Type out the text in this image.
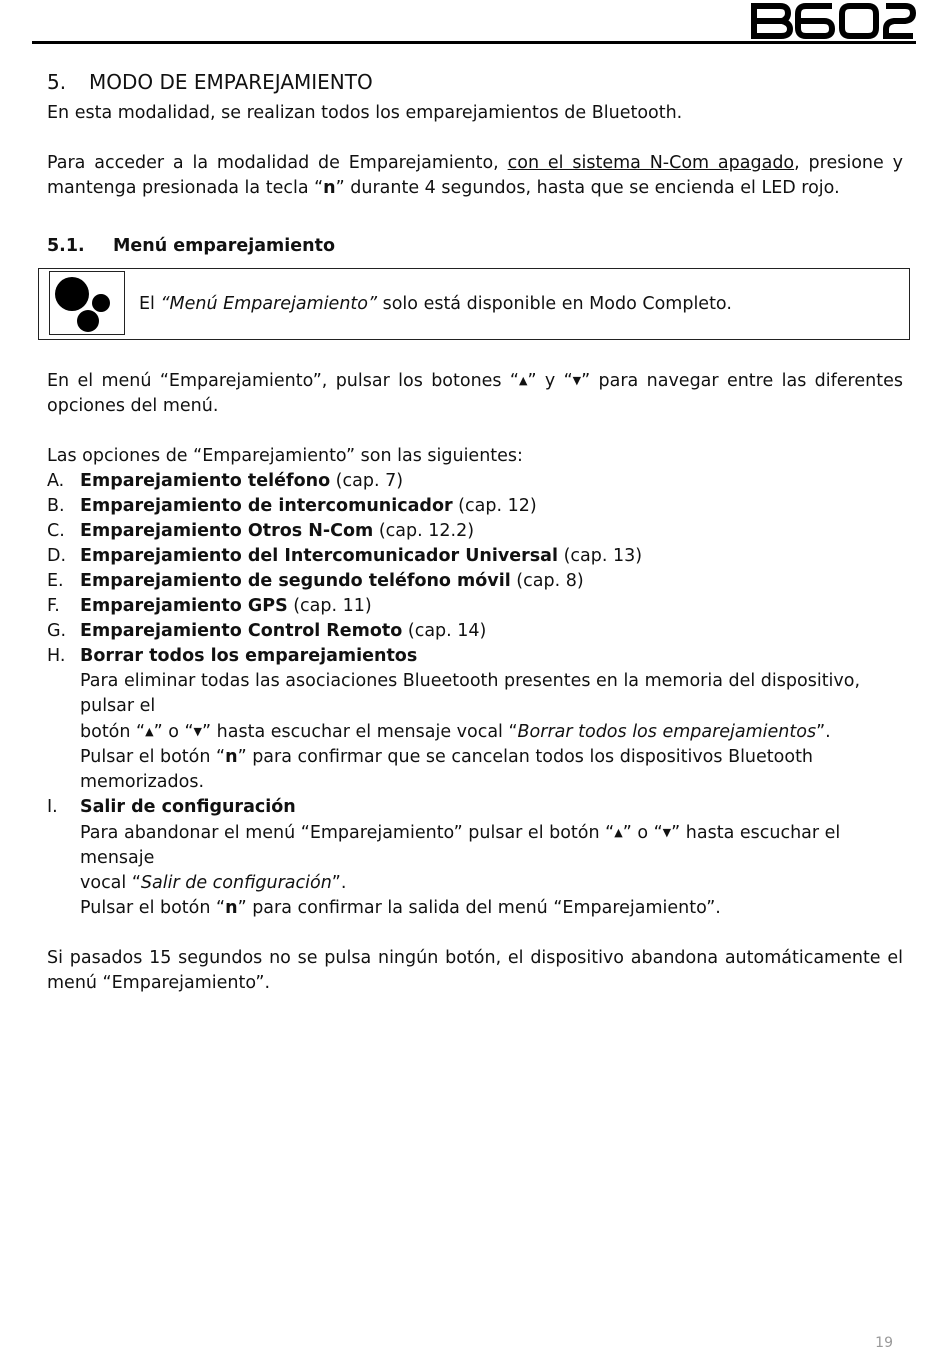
5.	MODO DE EMPAREJAMIENTO

En esta modalidad, se realizan todos los emparejamientos de Bluetooth.

Para acceder a la modalidad de Emparejamiento, con el sistema N-Com apagado, presione y mantenga presionada la tecla “n” durante 4 segundos, hasta que se encienda el LED rojo.

5.1.	Menú emparejamiento
El “Menú Emparejamiento” solo está disponible en Modo Completo.

En el menú “Emparejamiento”, pulsar los botones “▲” y “▼” para navegar entre las diferentes opciones del menú.

Las opciones de “Emparejamiento” son las siguientes:

A. Emparejamiento teléfono (cap. 7)
B. Emparejamiento de intercomunicador (cap. 12)
C. Emparejamiento Otros N-Com (cap. 12.2)
D. Emparejamiento del Intercomunicador Universal (cap. 13)
E. Emparejamiento de segundo teléfono móvil (cap. 8)
F.	Emparejamiento GPS (cap. 11)
G. Emparejamiento Control Remoto (cap. 14)
H. Borrar todos los emparejamientos
Para eliminar todas las asociaciones Blueetooth presentes en la memoria del dispositivo, pulsar el
botón “▲” o “▼” hasta escuchar el mensaje vocal “Borrar todos los emparejamientos”.
Pulsar el botón “n” para confirmar que se cancelan todos los dispositivos Bluetooth memorizados.
I.	Salir de configuración
Para abandonar el menú “Emparejamiento” pulsar el botón “▲” o “▼” hasta escuchar el mensaje
vocal “Salir de configuración”.
Pulsar el botón “n” para confirmar la salida del menú “Emparejamiento”.

Si pasados 15 segundos no se pulsa ningún botón, el dispositivo abandona automáticamente el menú “Emparejamiento”.

19
